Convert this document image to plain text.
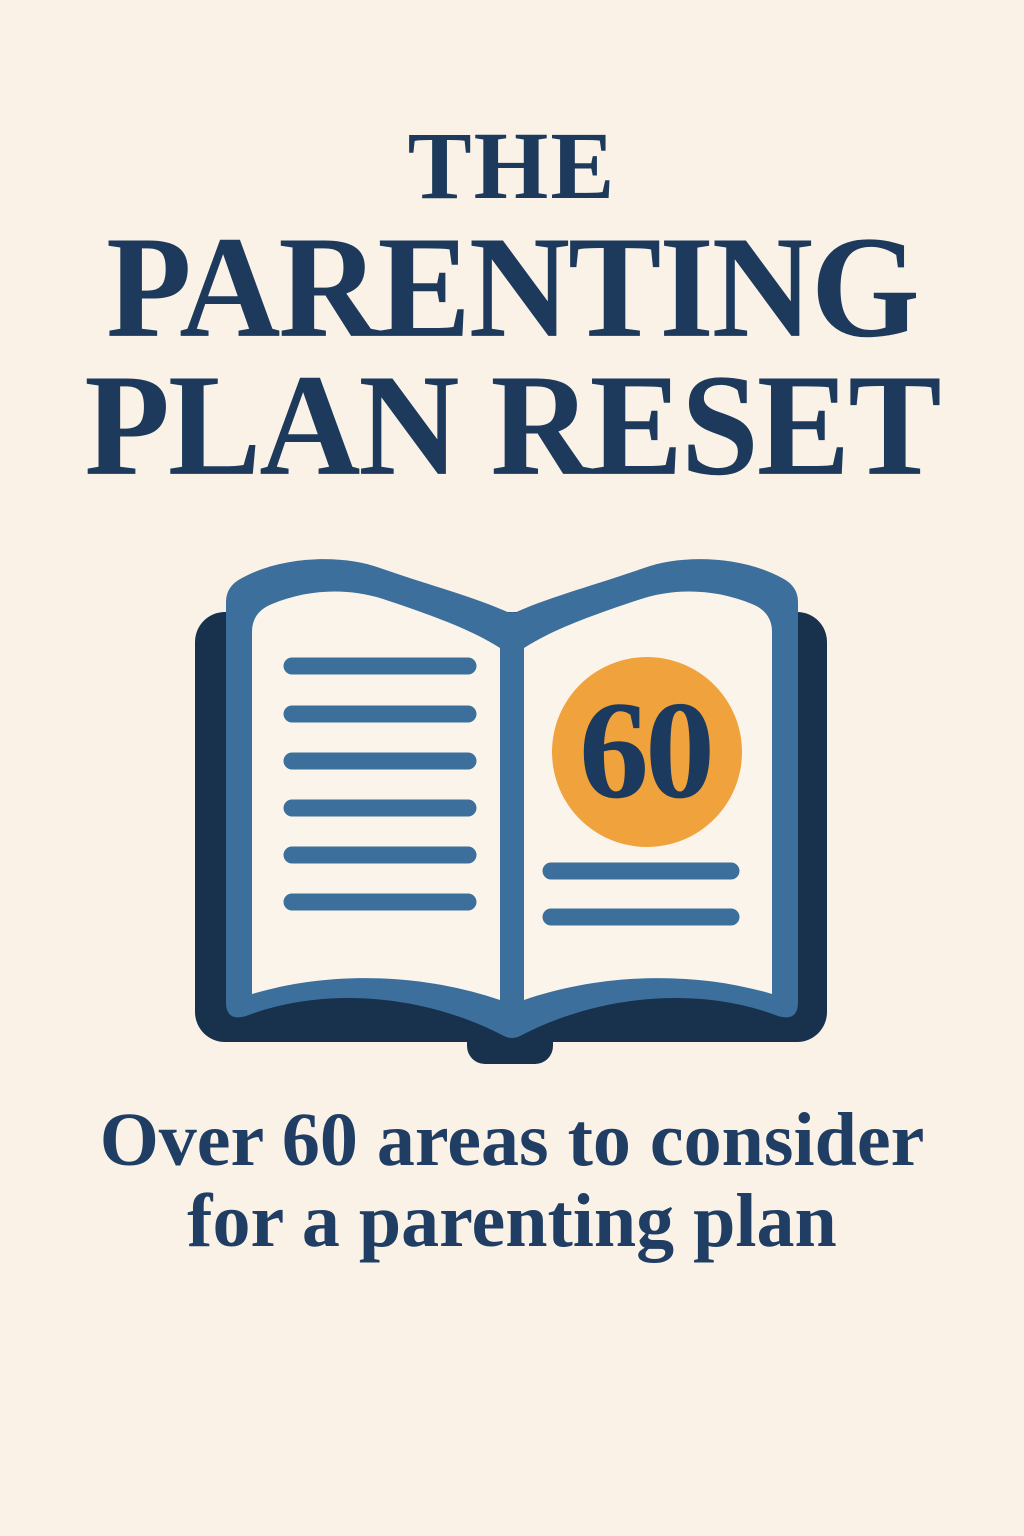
THE
PARENTING
PLAN RESET
60
Over 60 areas to consider
for a parenting plan
